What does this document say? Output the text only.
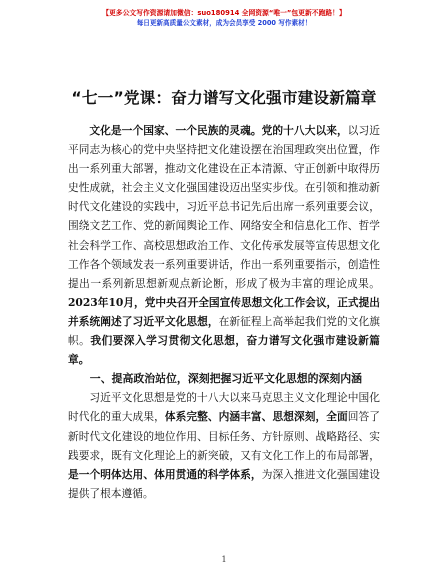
【更多公文写作资源请加微信：suo180914 全网资源“唯一”包更新不跑路！】
每日更新高质量公文素材，成为会员享受 2000 写作素材！
“七一”党课：奋力谱写文化强市建设新篇章

文化是一个国家、一个民族的灵魂。党的十八大以来，以习近平同志为核心的党中央坚持把文化建设摆在治国理政突出位置，作出一系列重大部署，推动文化建设在正本清源、守正创新中取得历史性成就，社会主义文化强国建设迈出坚实步伐。在引领和推动新时代文化建设的实践中，习近平总书记先后出席一系列重要会议，围绕文艺工作、党的新闻舆论工作、网络安全和信息化工作、哲学社会科学工作、高校思想政治工作、文化传承发展等宣传思想文化工作各个领域发表一系列重要讲话，作出一系列重要指示，创造性提出一系列新思想新观点新论断，形成了极为丰富的理论成果。2023年10月，党中央召开全国宣传思想文化工作会议，正式提出并系统阐述了习近平文化思想，在新征程上高举起我们党的文化旗帜。我们要深入学习贯彻文化思想，奋力谱写文化强市建设新篇章。

一、提高政治站位，深刻把握习近平文化思想的深刻内涵

习近平文化思想是党的十八大以来马克思主义文化理论中国化时代化的重大成果，体系完整、内涵丰富、思想深刻，全面回答了新时代文化建设的地位作用、目标任务、方针原则、战略路径、实践要求，既有文化理论上的新突破，又有文化工作上的布局部署，是一个明体达用、体用贯通的科学体系，为深入推进文化强国建设提供了根本遵循。

1
